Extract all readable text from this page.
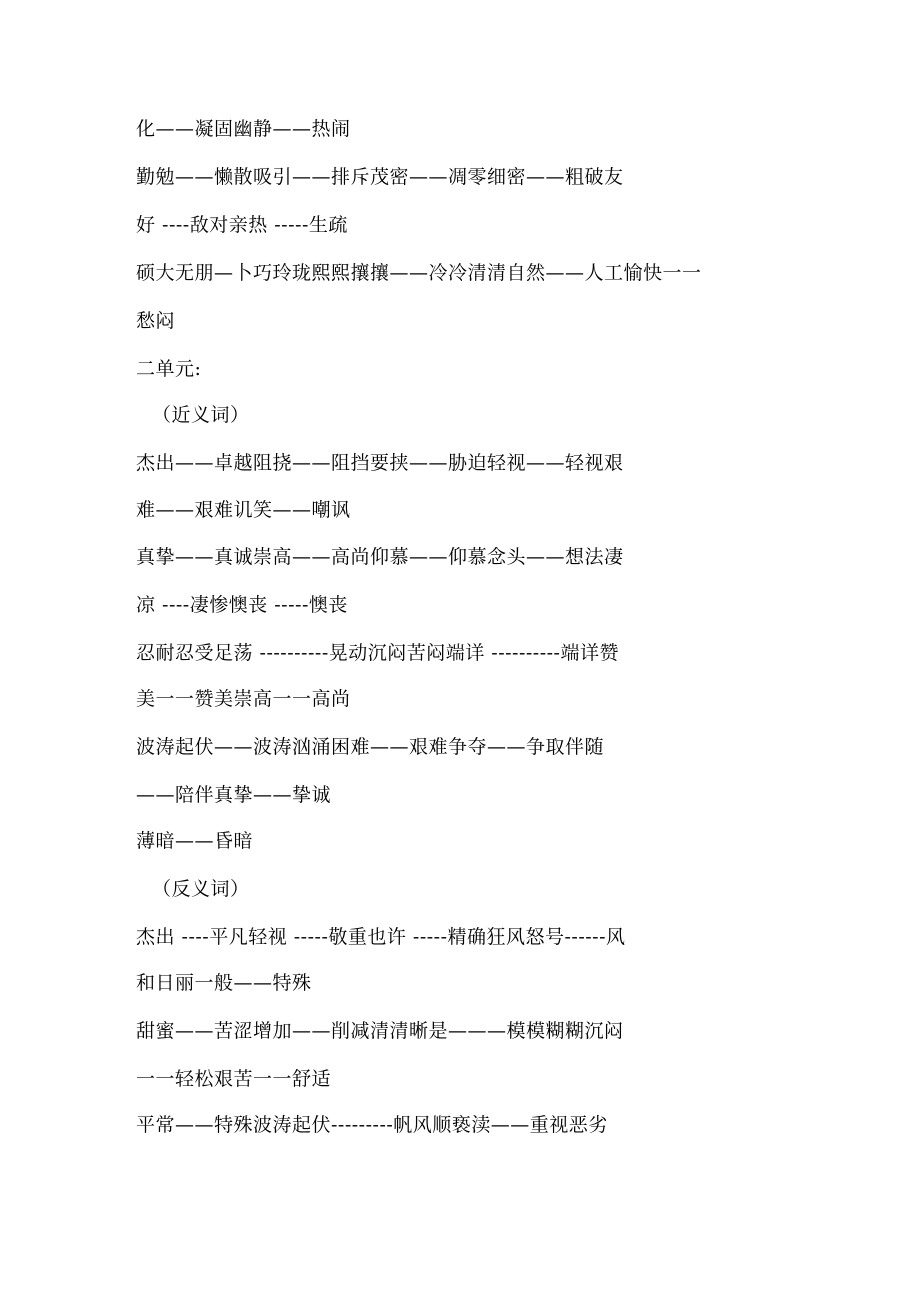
化——凝固幽静——热闹

勤勉——懒散吸引——排斥茂密——凋零细密——粗破友

好 ----敌对亲热 -----生疏

硕大无朋—卜巧玲珑熙熙攘攘——冷冷清清自然——人工愉快一一

愁闷

二单元:

（近义词）

杰出——卓越阻挠——阻挡要挟——胁迫轻视——轻视艰

难——艰难讥笑——嘲讽

真挚——真诚崇高——高尚仰慕——仰慕念头——想法凄

凉 ----凄惨懊丧 -----懊丧

忍耐忍受足荡 ----------晃动沉闷苦闷端详 ----------端详赞

美一一赞美崇高一一高尚

波涛起伏——波涛汹涌困难——艰难争夺——争取伴随

——陪伴真挚——挚诚

薄暗——昏暗

（反义词）

杰出 ----平凡轻视 -----敬重也许 -----精确狂风怒号------风

和日丽一般——特殊

甜蜜——苦涩增加——削减清清晰是———模模糊糊沉闷

一一轻松艰苦一一舒适

平常——特殊波涛起伏---------帆风顺亵渎——重视恶劣
